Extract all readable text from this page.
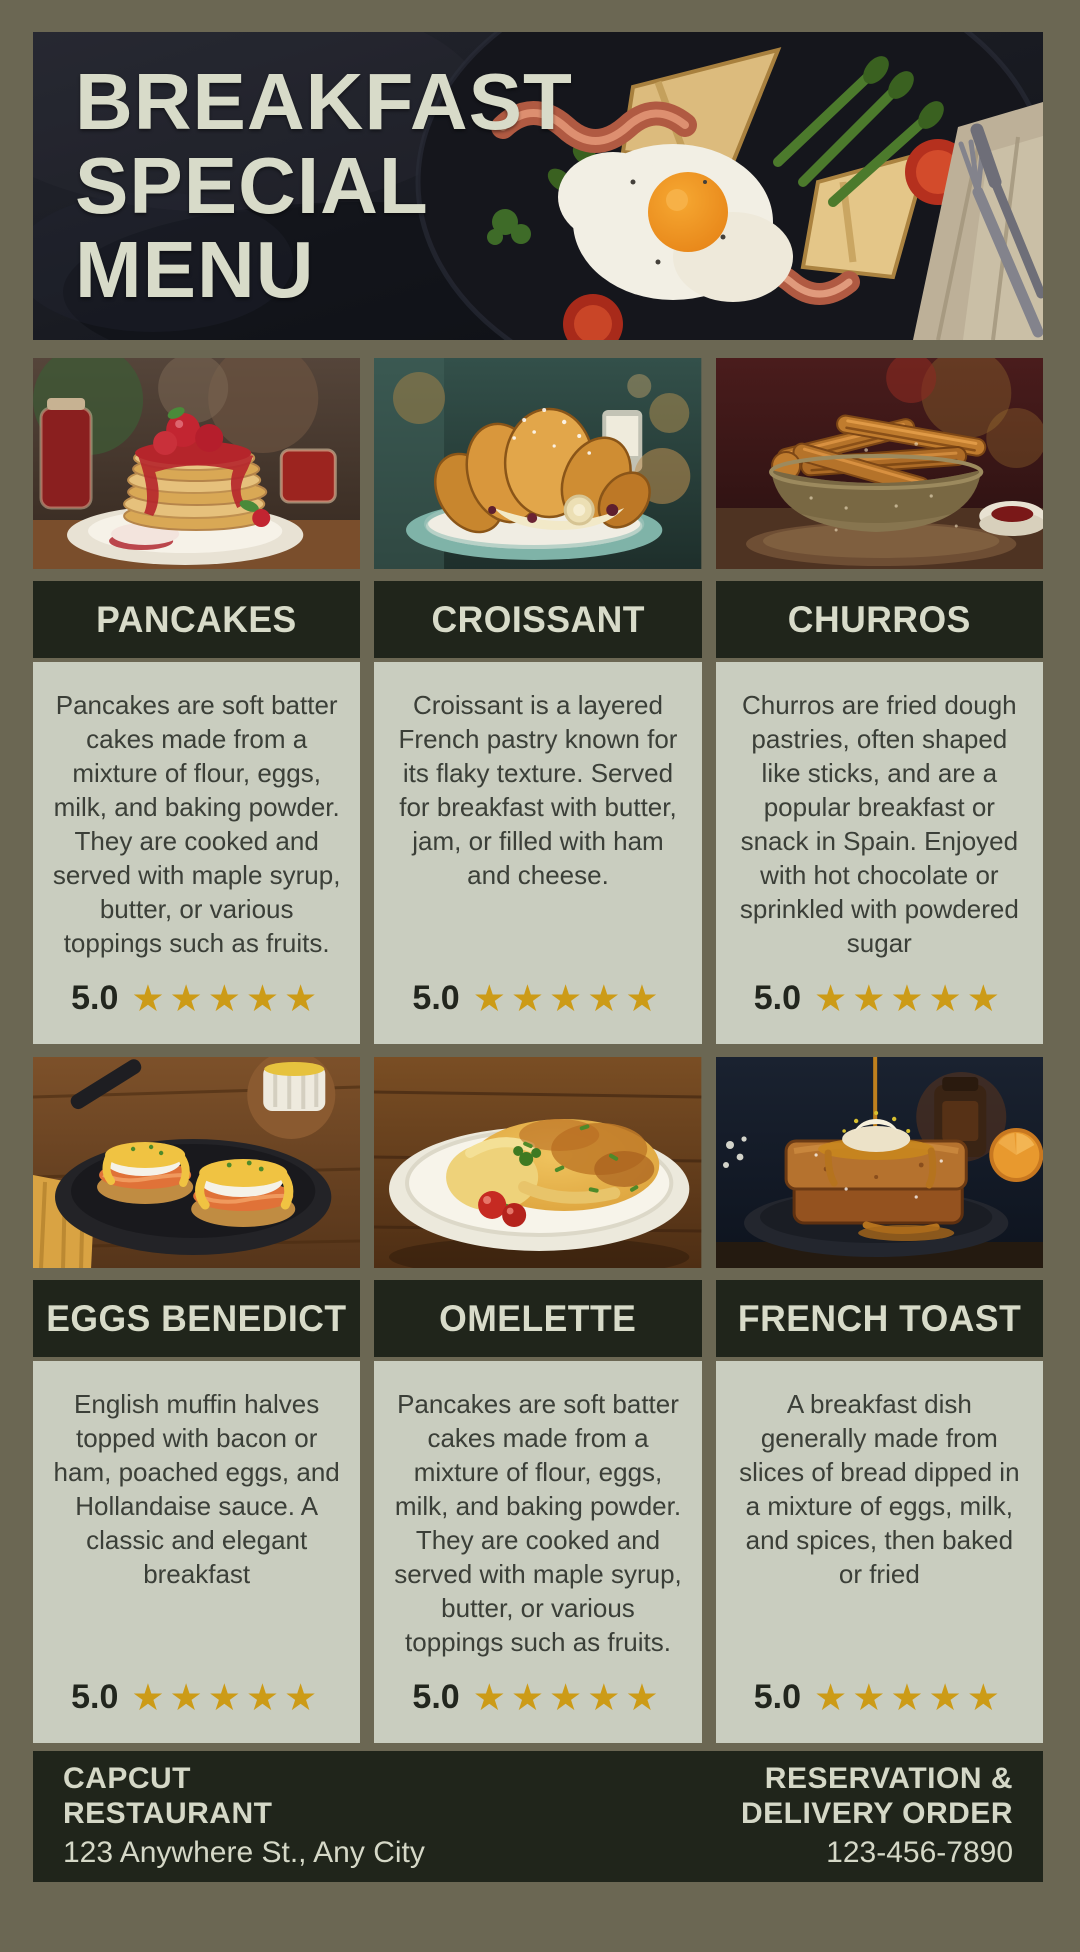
BREAKFAST
SPECIAL
MENU
PANCAKES
Pancakes are soft batter cakes made from a mixture of flour, eggs, milk, and baking powder. They are cooked and served with maple syrup, butter, or various toppings such as fruits.
5.0 ★★★★★
CROISSANT
Croissant is a layered French pastry known for its flaky texture. Served for breakfast with butter, jam, or filled with ham and cheese.
5.0 ★★★★★
CHURROS
Churros are fried dough pastries, often shaped like sticks, and are a popular breakfast or snack in Spain. Enjoyed with hot chocolate or sprinkled with powdered sugar
5.0 ★★★★★
EGGS BENEDICT
English muffin halves topped with bacon or ham, poached eggs, and Hollandaise sauce. A classic and elegant breakfast
5.0 ★★★★★
OMELETTE
Pancakes are soft batter cakes made from a mixture of flour, eggs, milk, and baking powder. They are cooked and served with maple syrup, butter, or various toppings such as fruits.
5.0 ★★★★★
FRENCH TOAST
A breakfast dish generally made from slices of bread dipped in a mixture of eggs, milk, and spices, then baked or fried
5.0 ★★★★★
CAPCUT
RESTAURANT
123 Anywhere St., Any City
RESERVATION &
DELIVERY ORDER
123-456-7890
